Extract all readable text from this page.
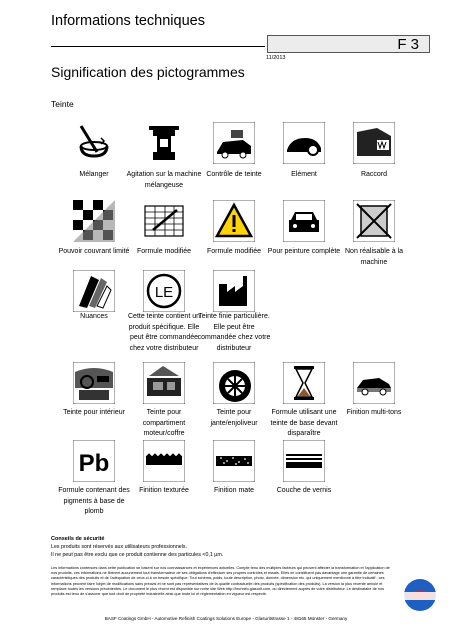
Informations techniques
F 3
11/2013
Signification des pictogrammes
Teinte
Mélanger	Agitation sur la machine mélangeuse
Contrôle de teinte	Elément	Raccord
Pouvoir couvrant limité	Formule modifiée	Formule modifiée Pour peinture complète Non réalisable à la machine
LE
Nuances	Cette teinte contient un produit spécifique. Elle peut être commandée chez votre distributeur
Teinte finie particulière. Elle peut être commandée chez votre distributeur
Teinte pour intérieur	Teinte pour compartiment moteur/coffre
Teinte pour jante/enjoliveur
Formule utilisant une teinte de base devant disparaître
Finition multi-tons
Pb
Formule contenant des pigments à base de plomb
Finition texturée	Finition mate	Couche de vernis
Conseils de sécurité
Les produits sont réservés aux utilisateurs professionnels.
Il ne peut pas être exclu que ce produit contienne des particules <0,1 µm.
Les informations contenues dans cette publication se basent sur nos connaissances et expériences actuelles. Compte tenu des multiples facteurs qui peuvent affecter la transformation et l'application de nos produits, ces informations ne libèrent aucunement tout transformateur de ses obligations d'effectuer ses propres contrôles et essais. Elles ne constituent pas davantage une garantie de certaines caractéristiques des produits et de l'adéquation de ceux-ci à un besoin spécifique. Tout schéma, poids, toute description, photo, donnée, dimension etc. qui uniquement mentionné à titre indicatif ; ces informations peuvent faire l'objet de modifications sans préavis et ne sont pas représentatives de la qualité contractuelle des produits (spécification des produits). La version la plus récente annule et remplace toutes les versions précédentes. Le document le plus récent est disponible sur notre site Web http://technifo.glasurit.com, ou directement auprès de votre distributeur. Le destinataire de nos produits est tenu de s'assurer que tout droit de propriété industrielle ainsi que toute loi et réglementation en vigueur est respecté.
BASF Coatings GmbH - Automotive Refinish Coatings Solutions Europe - Glasuritstrasse 1 - 48165 Münster - Germany
